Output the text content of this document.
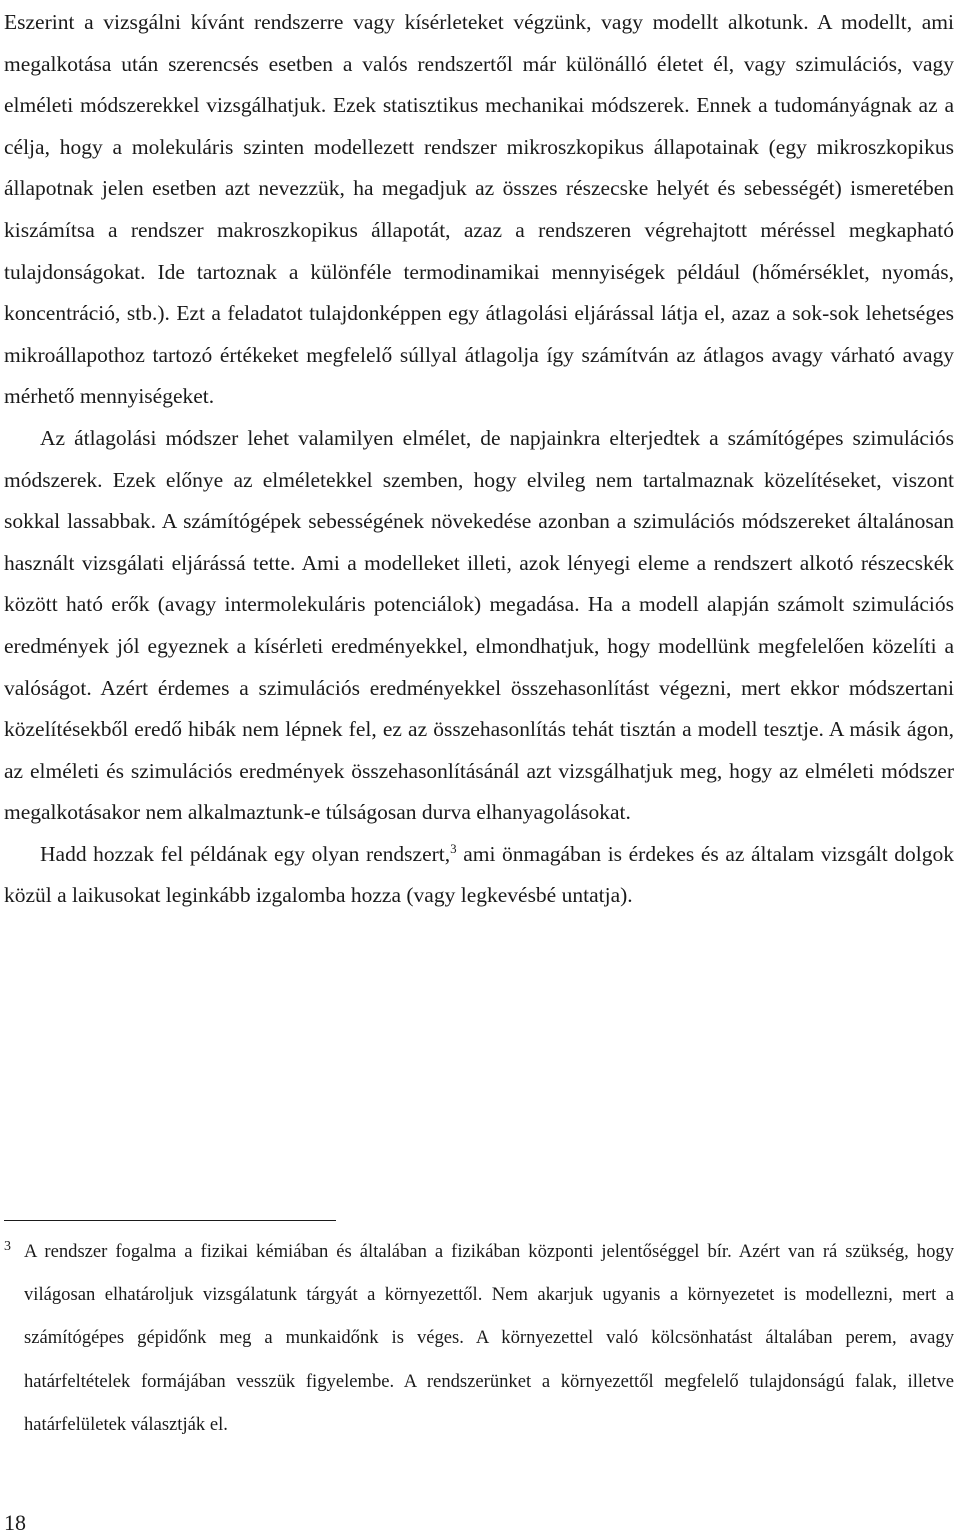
Eszerint a vizsgálni kívánt rendszerre vagy kísérleteket végzünk, vagy modellt alkotunk. A modellt, ami megalkotása után szerencsés esetben a valós rendszertől már különálló életet él, vagy szimulációs, vagy elméleti módszerekkel vizsgálhatjuk. Ezek statisztikus mechanikai módszerek. Ennek a tudományágnak az a célja, hogy a molekuláris szinten modellezett rendszer mikroszkopikus állapotainak (egy mikroszkopikus állapotnak jelen esetben azt nevezzük, ha megadjuk az összes részecske helyét és sebességét) ismeretében kiszámítsa a rendszer makroszkopikus állapotát, azaz a rendszeren végrehajtott méréssel megkapható tulajdonságokat. Ide tartoznak a különféle termodinamikai mennyiségek például (hőmérséklet, nyomás, koncentráció, stb.). Ezt a feladatot tulajdonképpen egy átlagolási eljárással látja el, azaz a sok-sok lehetséges mikroállapothoz tartozó értékeket megfelelő súllyal átlagolja így számítván az átlagos avagy várható avagy mérhető mennyiségeket.

Az átlagolási módszer lehet valamilyen elmélet, de napjainkra elterjedtek a számítógépes szimulációs módszerek. Ezek előnye az elméletekkel szemben, hogy elvileg nem tartalmaznak közelítéseket, viszont sokkal lassabbak. A számítógépek sebességének növekedése azonban a szimulációs módszereket általánosan használt vizsgálati eljárássá tette. Ami a modelleket illeti, azok lényegi eleme a rendszert alkotó részecskék között ható erők (avagy intermolekuláris potenciálok) megadása. Ha a modell alapján számolt szimulációs eredmények jól egyeznek a kísérleti eredményekkel, elmondhatjuk, hogy modellünk megfelelően közelíti a valóságot. Azért érdemes a szimulációs eredményekkel összehasonlítást végezni, mert ekkor módszertani közelítésekből eredő hibák nem lépnek fel, ez az összehasonlítás tehát tisztán a modell tesztje. A másik ágon, az elméleti és szimulációs eredmények összehasonlításánál azt vizsgálhatjuk meg, hogy az elméleti módszer megalkotásakor nem alkalmaztunk-e túlságosan durva elhanyagolásokat.

Hadd hozzak fel példának egy olyan rendszert,$^3$ ami önmagában is érdekes és az általam vizsgált dolgok közül a laikusokat leginkább izgalomba hozza (vagy legkevésbé untatja).

3 A rendszer fogalma a fizikai kémiában és általában a fizikában központi jelentőséggel bír. Azért van rá szükség, hogy világosan elhatároljuk vizsgálatunk tárgyát a környezettől. Nem akarjuk ugyanis a környezetet is modellezni, mert a számítógépes gépidőnk meg a munkaidőnk is véges. A környezettel való kölcsönhatást általában perem, avagy határfeltételek formájában vesszük figyelembe. A rendszerünket a környezettől megfelelő tulajdonságú falak, illetve határfelületek választják el.

18
